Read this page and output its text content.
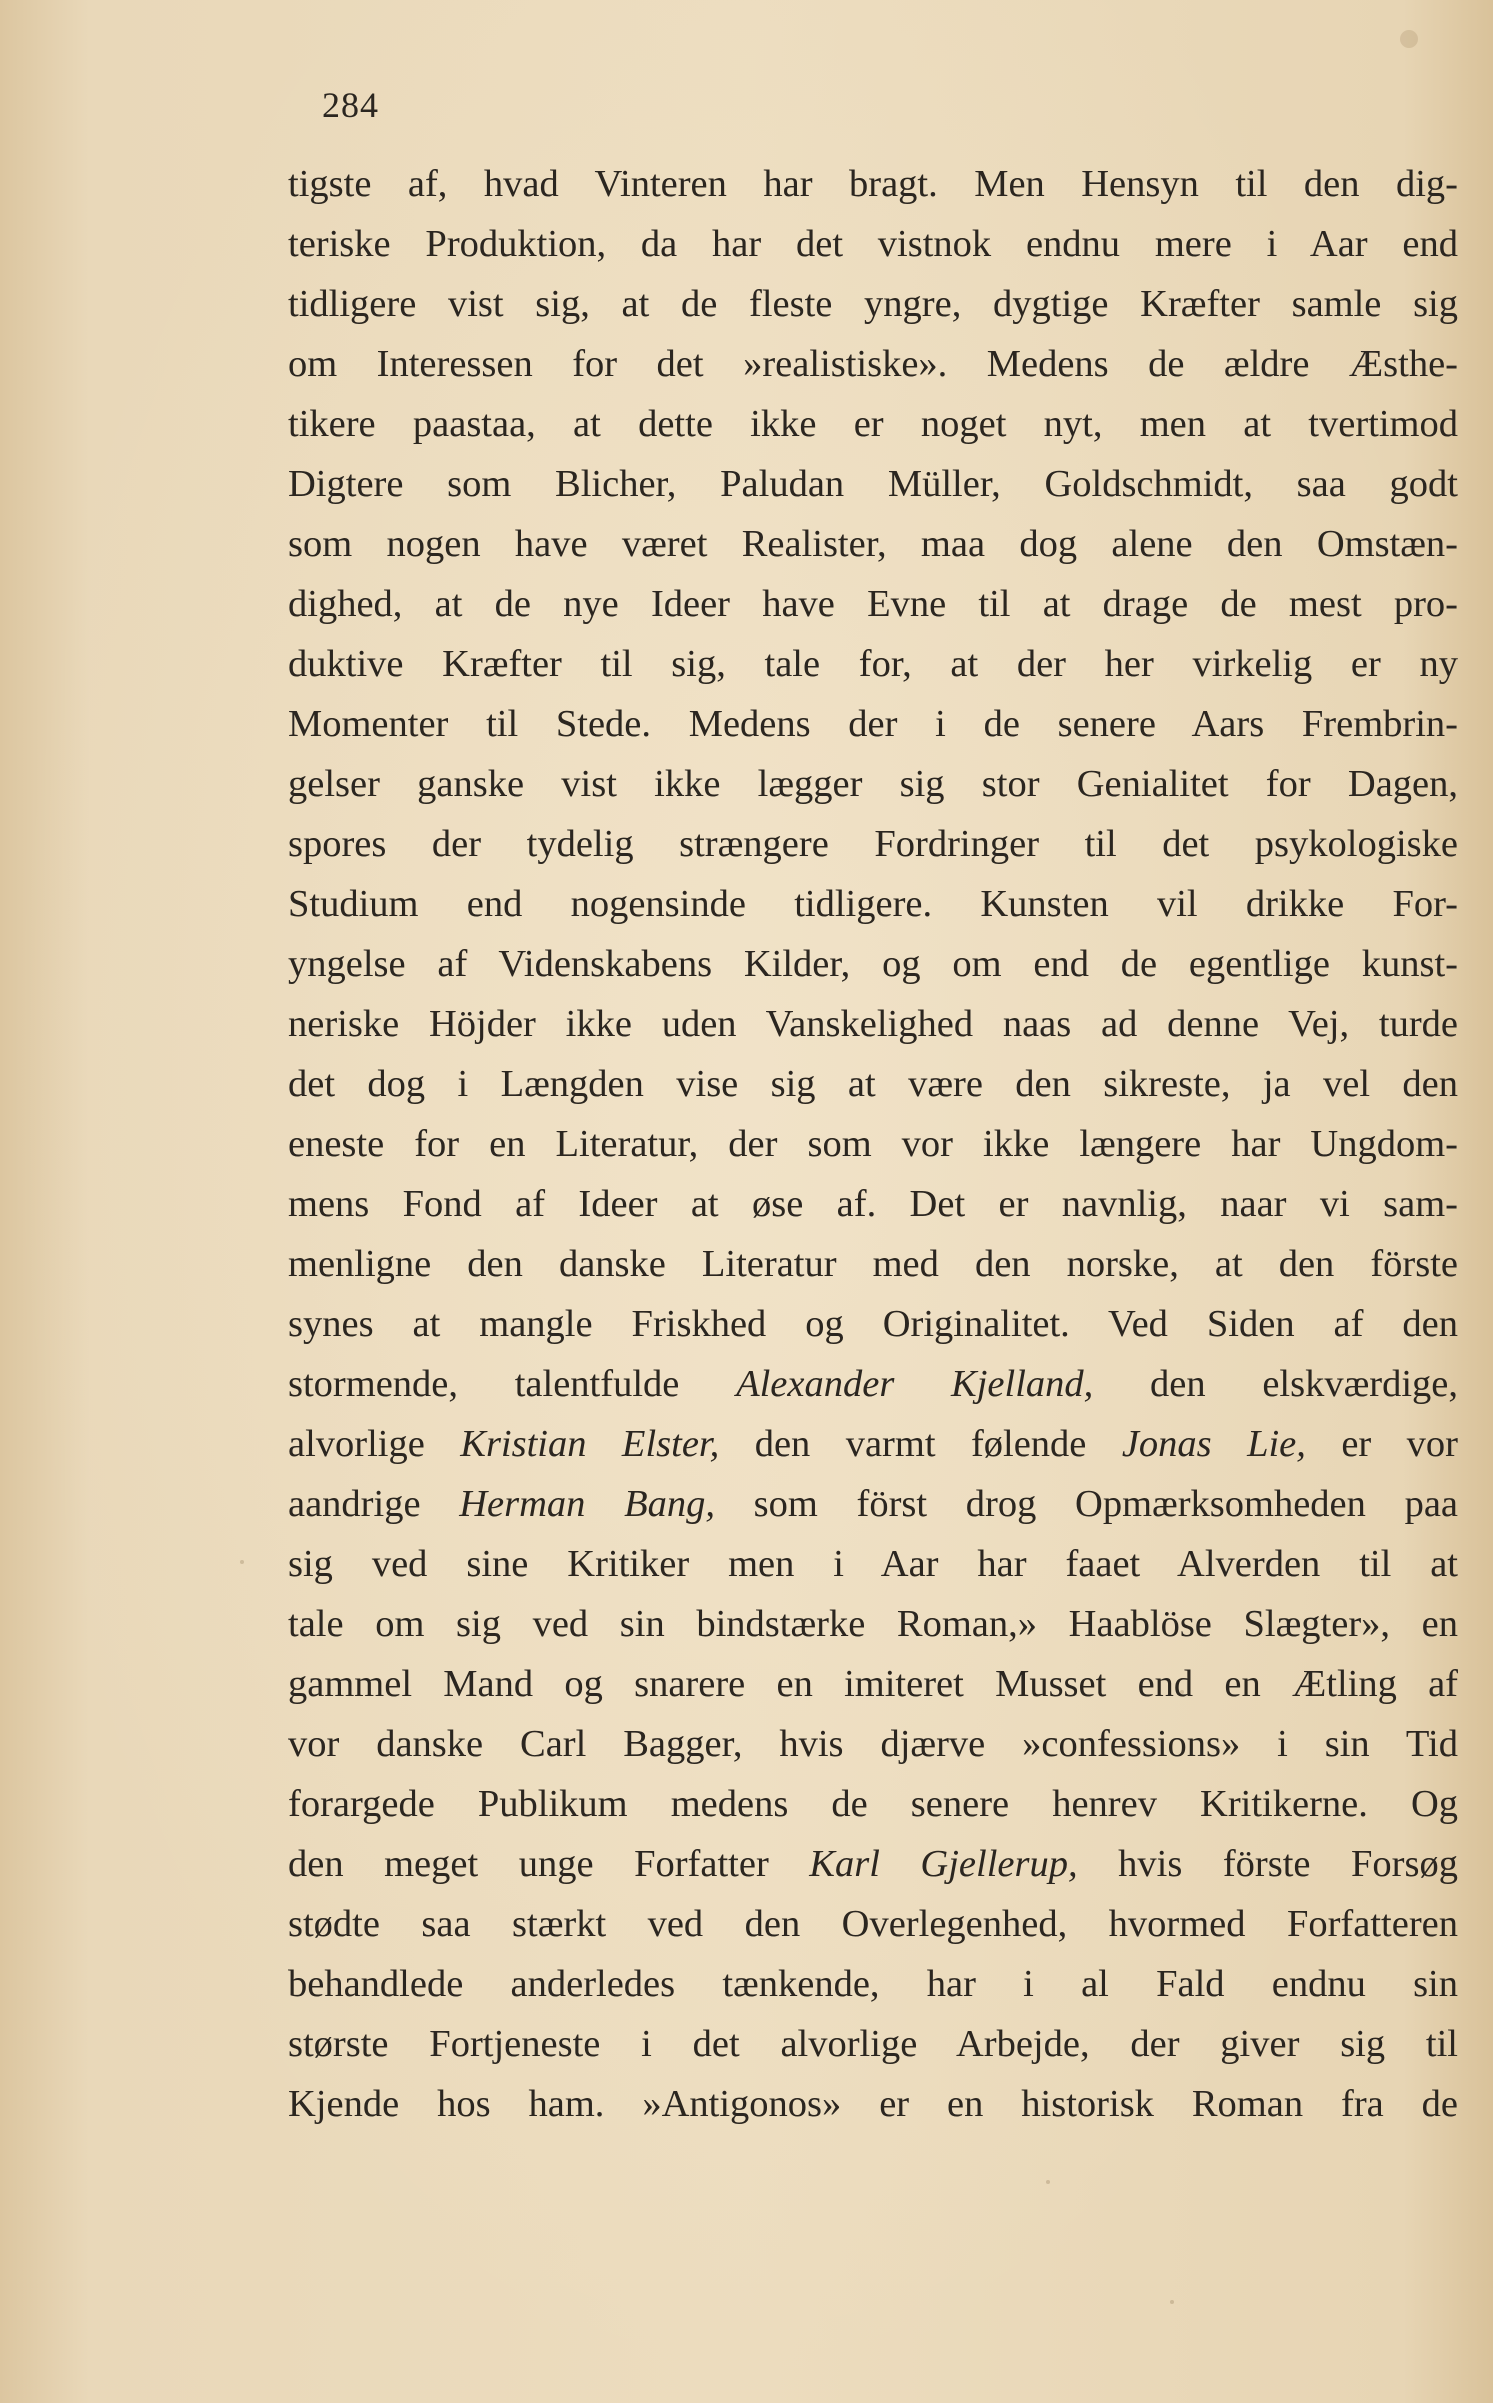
284
tigste af, hvad Vinteren har bragt. Men Hensyn til den dig-
teriske Produktion, da har det vistnok endnu mere i Aar end
tidligere vist sig, at de fleste yngre, dygtige Kræfter samle sig
om Interessen for det »realistiske». Medens de ældre Æsthe-
tikere paastaa, at dette ikke er noget nyt, men at tvertimod
Digtere som Blicher, Paludan Müller, Goldschmidt, saa godt
som nogen have været Realister, maa dog alene den Omstæn-
dighed, at de nye Ideer have Evne til at drage de mest pro-
duktive Kræfter til sig, tale for, at der her virkelig er ny
Momenter til Stede. Medens der i de senere Aars Frembrin-
gelser ganske vist ikke lægger sig stor Genialitet for Dagen,
spores der tydelig strængere Fordringer til det psykologiske
Studium end nogensinde tidligere. Kunsten vil drikke For-
yngelse af Videnskabens Kilder, og om end de egentlige kunst-
neriske Höjder ikke uden Vanskelighed naas ad denne Vej, turde
det dog i Længden vise sig at være den sikreste, ja vel den
eneste for en Literatur, der som vor ikke længere har Ungdom-
mens Fond af Ideer at øse af. Det er navnlig, naar vi sam-
menligne den danske Literatur med den norske, at den förste
synes at mangle Friskhed og Originalitet. Ved Siden af den
stormende, talentfulde Alexander Kjelland, den elskværdige,
alvorlige Kristian Elster, den varmt følende Jonas Lie, er vor
aandrige Herman Bang, som först drog Opmærksomheden paa
sig ved sine Kritiker men i Aar har faaet Alverden til at
tale om sig ved sin bindstærke Roman,» Haablöse Slægter», en
gammel Mand og snarere en imiteret Musset end en Ætling af
vor danske Carl Bagger, hvis djærve »confessions» i sin Tid
forargede Publikum medens de senere henrev Kritikerne. Og
den meget unge Forfatter Karl Gjellerup, hvis förste Forsøg
stødte saa stærkt ved den Overlegenhed, hvormed Forfatteren
behandlede anderledes tænkende, har i al Fald endnu sin
største Fortjeneste i det alvorlige Arbejde, der giver sig til
Kjende hos ham. »Antigonos» er en historisk Roman fra de
